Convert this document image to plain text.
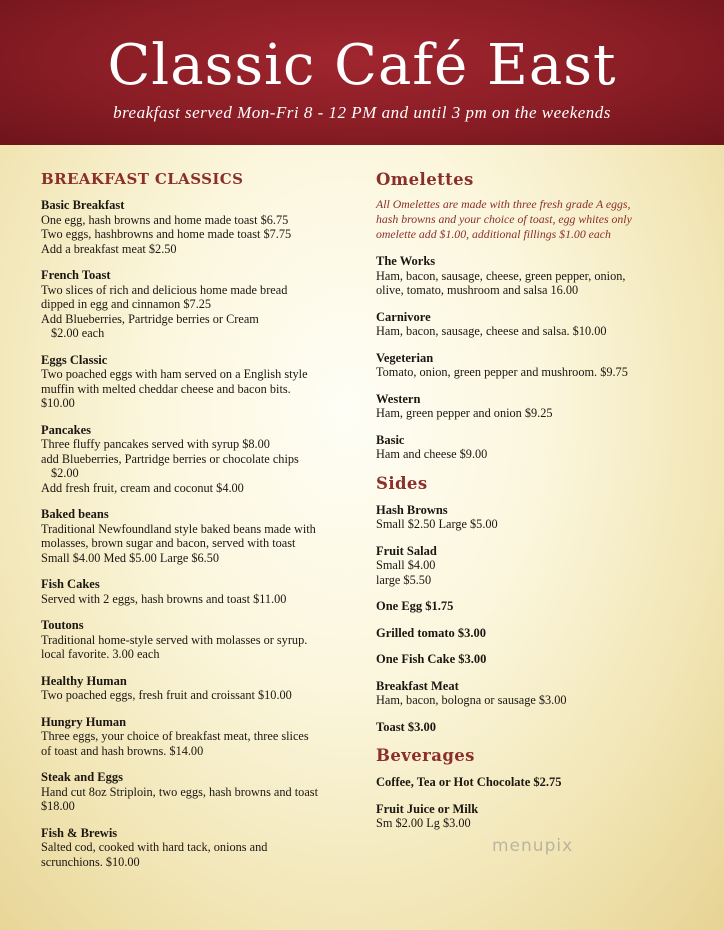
Classic Café East
breakfast served Mon-Fri 8 - 12 PM and until 3 pm on the weekends
BREAKFAST CLASSICS
Basic Breakfast
One egg, hash browns and home made toast $6.75
Two eggs, hashbrowns and home made toast $7.75
Add a breakfast meat $2.50
French Toast
Two slices of rich and delicious home made bread
dipped in egg and cinnamon $7.25
Add Blueberries, Partridge berries or Cream
$2.00 each
Eggs Classic
Two poached eggs with ham served on a English style
muffin with melted cheddar cheese and bacon bits.
$10.00
Pancakes
Three fluffy pancakes served with syrup $8.00
add Blueberries, Partridge berries or chocolate chips
$2.00
Add fresh fruit, cream and coconut $4.00
Baked beans
Traditional Newfoundland style baked beans made with
molasses, brown sugar and bacon, served with toast
Small $4.00 Med $5.00 Large $6.50
Fish Cakes
Served with 2 eggs, hash browns and toast $11.00
Toutons
Traditional home-style served with molasses or syrup.
local favorite. 3.00 each
Healthy Human
Two poached eggs, fresh fruit and croissant $10.00
Hungry Human
Three eggs, your choice of breakfast meat, three slices
of toast and hash browns. $14.00
Steak and Eggs
Hand cut 8oz Striploin, two eggs, hash browns and toast
$18.00
Fish & Brewis
Salted cod, cooked with hard tack, onions and
scrunchions. $10.00
Omelettes
All Omelettes are made with three fresh grade A eggs,
hash browns and your choice of toast, egg whites only
omelette add $1.00, additional fillings $1.00 each
The Works
Ham, bacon, sausage, cheese, green pepper, onion,
olive, tomato, mushroom and salsa 16.00
Carnivore
Ham, bacon, sausage, cheese and salsa. $10.00
Vegeterian
Tomato, onion, green pepper and mushroom. $9.75
Western
Ham, green pepper and onion $9.25
Basic
Ham and cheese $9.00
Sides
Hash Browns
Small $2.50 Large $5.00
Fruit Salad
Small $4.00
large $5.50
One Egg $1.75
Grilled tomato $3.00
One Fish Cake $3.00
Breakfast Meat
Ham, bacon, bologna or sausage $3.00
Toast $3.00
Beverages
Coffee, Tea or Hot Chocolate $2.75
Fruit Juice or Milk
Sm $2.00 Lg $3.00
menupix
